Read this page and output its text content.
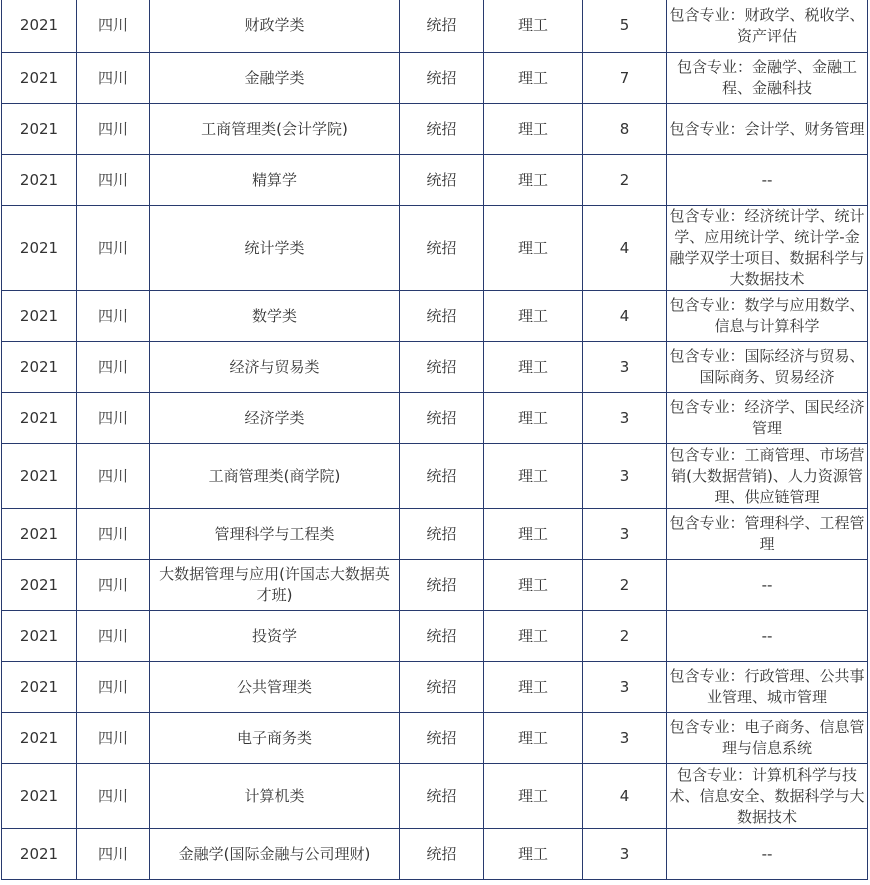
2021	四川	财政学类	统招	理工	5	包含专业：财政学、税收学、资产评估
2021	四川	金融学类	统招	理工	7	包含专业：金融学、金融工程、金融科技
2021	四川	工商管理类(会计学院)	统招	理工	8	包含专业：会计学、财务管理
2021	四川	精算学	统招	理工	2	--
2021	四川	统计学类	统招	理工	4	包含专业：经济统计学、统计学、应用统计学、统计学-金融学双学士项目、数据科学与大数据技术
2021	四川	数学类	统招	理工	4	包含专业：数学与应用数学、信息与计算科学
2021	四川	经济与贸易类	统招	理工	3	包含专业：国际经济与贸易、国际商务、贸易经济
2021	四川	经济学类	统招	理工	3	包含专业：经济学、国民经济管理
2021	四川	工商管理类(商学院)	统招	理工	3	包含专业：工商管理、市场营销(大数据营销)、人力资源管理、供应链管理
2021	四川	管理科学与工程类	统招	理工	3	包含专业：管理科学、工程管理
2021	四川	大数据管理与应用(许国志大数据英才班)	统招	理工	2	--
2021	四川	投资学	统招	理工	2	--
2021	四川	公共管理类	统招	理工	3	包含专业：行政管理、公共事业管理、城市管理
2021	四川	电子商务类	统招	理工	3	包含专业：电子商务、信息管理与信息系统
2021	四川	计算机类	统招	理工	4	包含专业：计算机科学与技术、信息安全、数据科学与大数据技术
2021	四川	金融学(国际金融与公司理财)	统招	理工	3	--
